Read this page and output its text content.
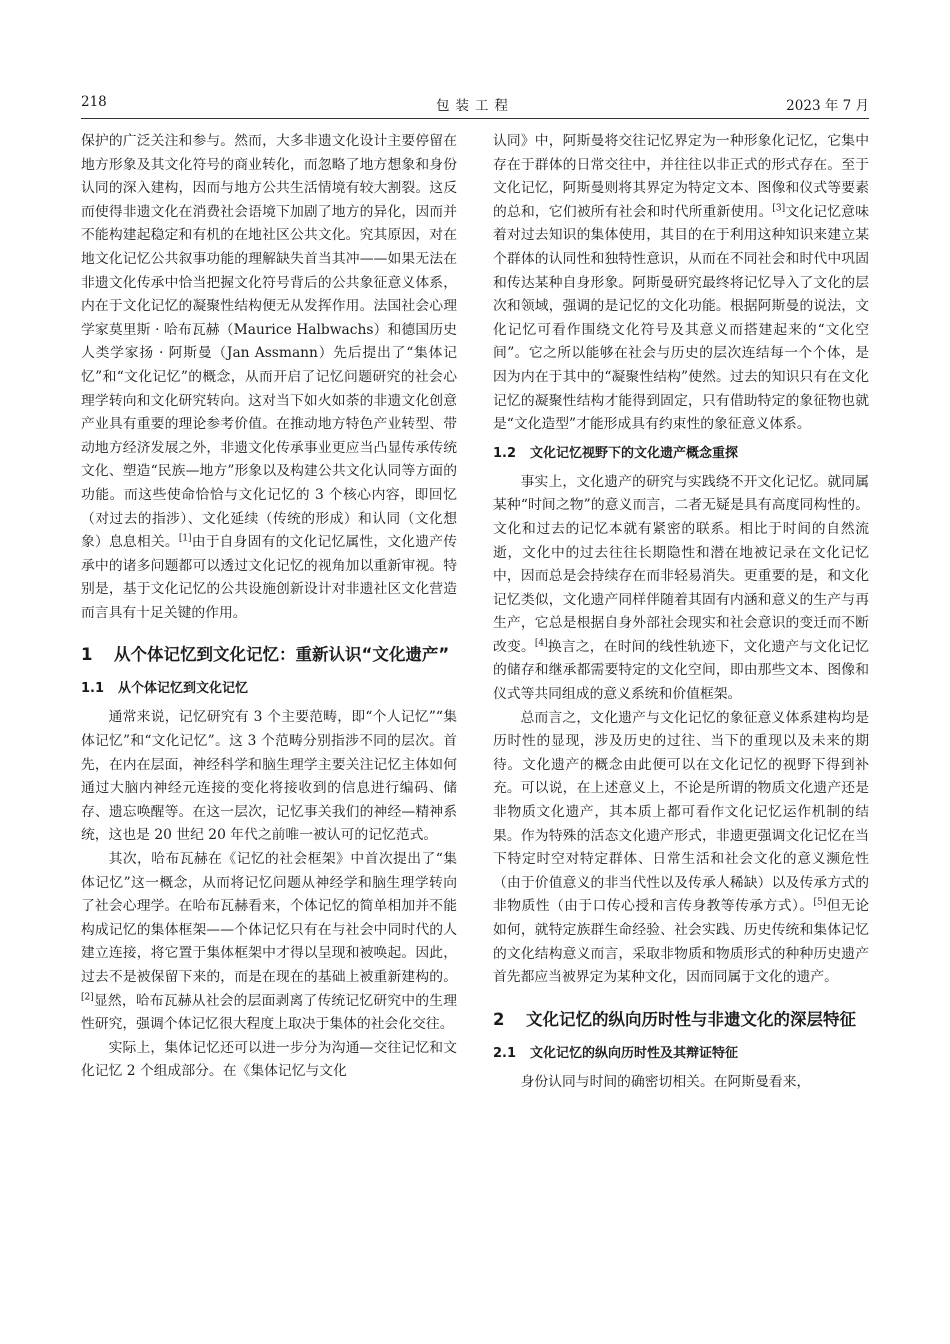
218	包装工程	2023 年 7 月

保护的广泛关注和参与。然而，大多非遗文化设计主要停留在地方形象及其文化符号的商业转化，而忽略了地方想象和身份认同的深入建构，因而与地方公共生活情境有较大割裂。这反而使得非遗文化在消费社会语境下加剧了地方的异化，因而并不能构建起稳定和有机的在地社区公共文化。究其原因，对在地文化记忆公共叙事功能的理解缺失首当其冲——如果无法在非遗文化传承中恰当把握文化符号背后的公共象征意义体系，内在于文化记忆的凝聚性结构便无从发挥作用。法国社会心理学家莫里斯 · 哈布瓦赫（Maurice Halbwachs）和德国历史人类学家扬 · 阿斯曼（Jan Assmann）先后提出了“集体记忆”和“文化记忆”的概念，从而开启了记忆问题研究的社会心理学转向和文化研究转向。这对当下如火如荼的非遗文化创意产业具有重要的理论参考价值。在推动地方特色产业转型、带动地方经济发展之外，非遗文化传承事业更应当凸显传承传统文化、塑造“民族—地方”形象以及构建公共文化认同等方面的功能。而这些使命恰恰与文化记忆的 3 个核心内容，即回忆（对过去的指涉）、文化延续（传统的形成）和认同（文化想象）息息相关。[1]由于自身固有的文化记忆属性，文化遗产传承中的诸多问题都可以透过文化记忆的视角加以重新审视。特别是，基于文化记忆的公共设施创新设计对非遗社区文化营造而言具有十足关键的作用。

1 从个体记忆到文化记忆：重新认识“文化遗产”
1.1 从个体记忆到文化记忆

通常来说，记忆研究有 3 个主要范畴，即“个人记忆”“集体记忆”和“文化记忆”。这 3 个范畴分别指涉不同的层次。首先，在内在层面，神经科学和脑生理学主要关注记忆主体如何通过大脑内神经元连接的变化将接收到的信息进行编码、储存、遗忘唤醒等。在这一层次，记忆事关我们的神经—精神系统，这也是 20 世纪 20 年代之前唯一被认可的记忆范式。

其次，哈布瓦赫在《记忆的社会框架》中首次提出了“集体记忆”这一概念，从而将记忆问题从神经学和脑生理学转向了社会心理学。在哈布瓦赫看来，个体记忆的简单相加并不能构成记忆的集体框架——个体记忆只有在与社会中同时代的人建立连接，将它置于集体框架中才得以呈现和被唤起。因此，过去不是被保留下来的，而是在现在的基础上被重新建构的。[2]显然，哈布瓦赫从社会的层面剥离了传统记忆研究中的生理性研究，强调个体记忆很大程度上取决于集体的社会化交往。

实际上，集体记忆还可以进一步分为沟通—交往记忆和文化记忆 2 个组成部分。在《集体记忆与文化

认同》中，阿斯曼将交往记忆界定为一种形象化记忆，它集中存在于群体的日常交往中，并往往以非正式的形式存在。至于文化记忆，阿斯曼则将其界定为特定文本、图像和仪式等要素的总和，它们被所有社会和时代所重新使用。[3]文化记忆意味着对过去知识的集体使用，其目的在于利用这种知识来建立某个群体的认同性和独特性意识，从而在不同社会和时代中巩固和传达某种自身形象。阿斯曼研究最终将记忆导入了文化的层次和领域，强调的是记忆的文化功能。根据阿斯曼的说法，文化记忆可看作围绕文化符号及其意义而搭建起来的“文化空间”。它之所以能够在社会与历史的层次连结每一个个体，是因为内在于其中的“凝聚性结构”使然。过去的知识只有在文化记忆的凝聚性结构才能得到固定，只有借助特定的象征物也就是“文化造型”才能形成具有约束性的象征意义体系。

1.2 文化记忆视野下的文化遗产概念重探

事实上，文化遗产的研究与实践绕不开文化记忆。就同属某种“时间之物”的意义而言，二者无疑是具有高度同构性的。文化和过去的记忆本就有紧密的联系。相比于时间的自然流逝，文化中的过去往往长期隐性和潜在地被记录在文化记忆中，因而总是会持续存在而非轻易消失。更重要的是，和文化记忆类似，文化遗产同样伴随着其固有内涵和意义的生产与再生产，它总是根据自身外部社会现实和社会意识的变迁而不断改变。[4]换言之，在时间的线性轨迹下，文化遗产与文化记忆的储存和继承都需要特定的文化空间，即由那些文本、图像和仪式等共同组成的意义系统和价值框架。

总而言之，文化遗产与文化记忆的象征意义体系建构均是历时性的显现，涉及历史的过往、当下的重现以及未来的期待。文化遗产的概念由此便可以在文化记忆的视野下得到补充。可以说，在上述意义上，不论是所谓的物质文化遗产还是非物质文化遗产，其本质上都可看作文化记忆运作机制的结果。作为特殊的活态文化遗产形式，非遗更强调文化记忆在当下特定时空对特定群体、日常生活和社会文化的意义濒危性（由于价值意义的非当代性以及传承人稀缺）以及传承方式的非物质性（由于口传心授和言传身教等传承方式）。[5]但无论如何，就特定族群生命经验、社会实践、历史传统和集体记忆的文化结构意义而言，采取非物质和物质形式的种种历史遗产首先都应当被界定为某种文化，因而同属于文化的遗产。

2 文化记忆的纵向历时性与非遗文化的深层特征
2.1 文化记忆的纵向历时性及其辩证特征

身份认同与时间的确密切相关。在阿斯曼看来，
